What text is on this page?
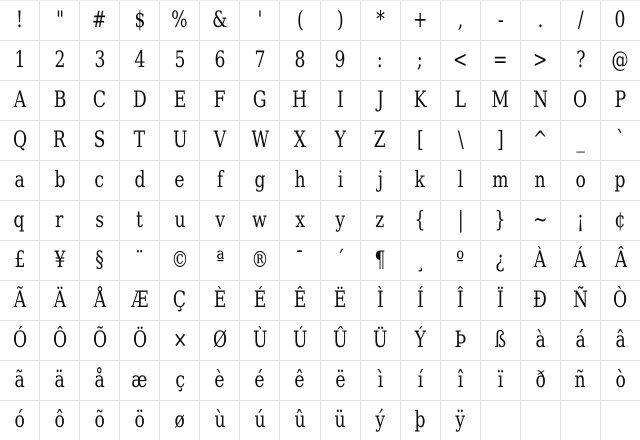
! " # $ % & ' ( ) * + , - . / 0
1 2 3 4 5 6 7 8 9 : ; < = > ? @
A B C D E F G H I J K L M N O P
Q R S T U V W X Y Z [ \ ] ^ _ `
a b c d e f g h i j k l m n o p
q r s t u v w x y z { | } ~ ¡ ¢
£ ¥ § ¨ © ª ® ¯ ´ ¶ ¸ º ¿ À Á Â
Ã Ä Å Æ Ç È É Ê Ë Ì Í Î Ï Ð Ñ Ò
Ó Ô Õ Ö × Ø Ù Ú Û Ü Ý Þ ß à á â
ã ä å æ ç è é ê ë ì í î ï ð ñ ò
ó ô õ ö ø ù ú û ü ý þ ÿ
